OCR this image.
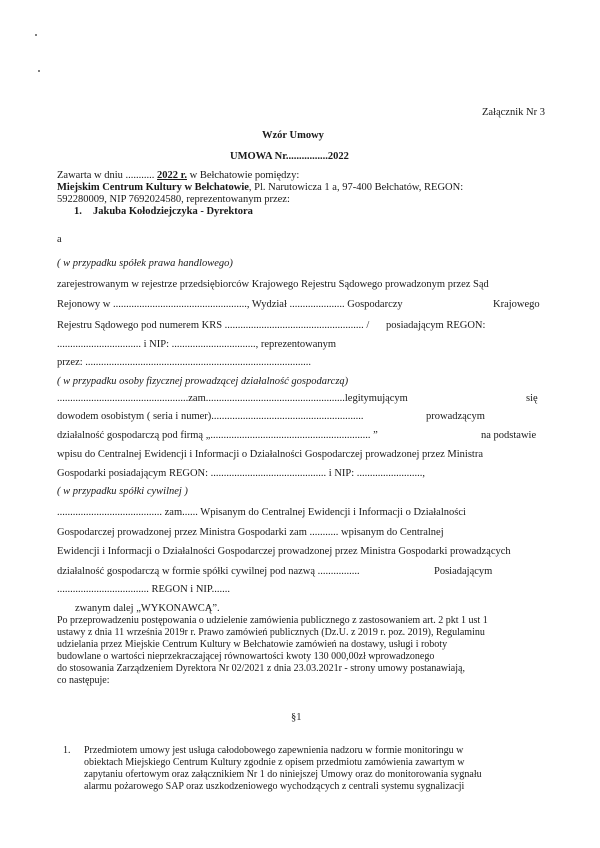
Załącznik Nr 3
Wzór Umowy
UMOWA Nr................2022
Zawarta w dniu ........... 2022 r. w Bełchatowie pomiędzy:
Miejskim Centrum Kultury w Bełchatowie, Pl. Narutowicza 1 a, 97-400 Bełchatów, REGON:
592280009, NIP 7692024580, reprezentowanym przez:
1. Jakuba Kołodziejczyka - Dyrektora
a
( w przypadku spółek prawa handlowego)
zarejestrowanym w rejestrze przedsiębiorców Krajowego Rejestru Sądowego prowadzonym przez Sąd
Rejonowy w ..................................................., Wydział ..................... Gospodarczy	Krajowego
Rejestru Sądowego pod numerem KRS ..................................................... / posiadającym REGON:
................................ i NIP: ................................, reprezentowanym
przez: ......................................................................................
( w przypadku osoby fizycznej prowadzącej działalność gospodarczą)
..................................................zam.....................................................legitymującym	się
dowodem osobistym ( seria i numer)..........................................................	prowadzącym
działalność gospodarczą pod firmą „............................................................. ”	na podstawie
wpisu do Centralnej Ewidencji i Informacji o Działalności Gospodarczej prowadzonej przez Ministra
Gospodarki posiadającym REGON: ............................................ i NIP: .........................,
( w przypadku spółki cywilnej )
........................................ zam...... Wpisanym do Centralnej Ewidencji i Informacji o Działalności
Gospodarczej prowadzonej przez Ministra Gospodarki zam ........... wpisanym do Centralnej
Ewidencji i Informacji o Działalności Gospodarczej prowadzonej przez Ministra Gospodarki prowadzących
działalność gospodarczą w formie spółki cywilnej pod nazwą ................	Posiadającym
................................... REGON i NIP.......
zwanym dalej „WYKONAWCĄ”.
Po przeprowadzeniu postępowania o udzielenie zamówienia publicznego z zastosowaniem art. 2 pkt 1 ust 1
ustawy z dnia 11 września 2019r r. Prawo zamówień publicznych (Dz.U. z 2019 r. poz. 2019), Regulaminu
udzielania przez Miejskie Centrum Kultury w Bełchatowie zamówień na dostawy, usługi i roboty
budowlane o wartości nieprzekraczającej równowartości kwoty 130 000,00zł wprowadzonego
do stosowania Zarządzeniem Dyrektora Nr 02/2021 z dnia 23.03.2021r - strony umowy postanawiają,
co następuje:
§1
1. Przedmiotem umowy jest usługa całodobowego zapewnienia nadzoru w formie monitoringu w
obiektach Miejskiego Centrum Kultury zgodnie z opisem przedmiotu zamówienia zawartym w
zapytaniu ofertowym oraz załącznikiem Nr 1 do niniejszej Umowy oraz do monitorowania sygnału
alarmu pożarowego SAP oraz uszkodzeniowego wychodzących z centrali systemu sygnalizacji
